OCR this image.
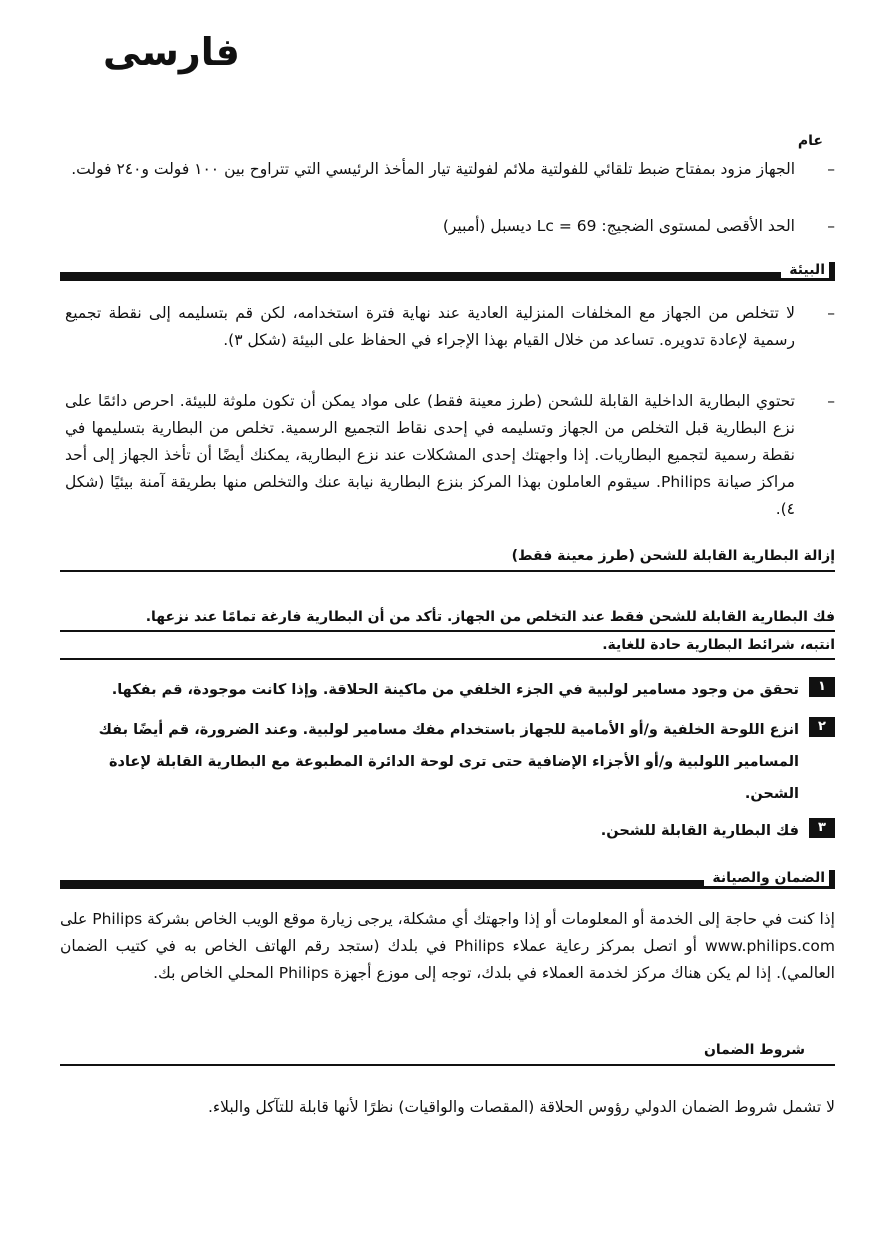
فارسی
عام
–
الجهاز مزود بمفتاح ضبط تلقائي للفولتية ملائم لفولتية تيار المأخذ الرئيسي التي تتراوح بين ١٠٠ فولت و٢٤٠ فولت.
–
الحد الأقصى لمستوى الضجيج: Lc = 69 ديسبل (أمبير)
البيئة
–
لا تتخلص من الجهاز مع المخلفات المنزلية العادية عند نهاية فترة استخدامه، لكن قم بتسليمه إلى نقطة تجميع رسمية لإعادة تدويره. تساعد من خلال القيام بهذا الإجراء في الحفاظ على البيئة (شكل ٣).
–
تحتوي البطارية الداخلية القابلة للشحن (طرز معينة فقط) على مواد يمكن أن تكون ملوثة للبيئة. احرص دائمًا على نزع البطارية قبل التخلص من الجهاز وتسليمه في إحدى نقاط التجميع الرسمية. تخلص من البطارية بتسليمها في نقطة رسمية لتجميع البطاريات. إذا واجهتك إحدى المشكلات عند نزع البطارية، يمكنك أيضًا أن تأخذ الجهاز إلى أحد مراكز صيانة Philips. سيقوم العاملون بهذا المركز بنزع البطارية نيابة عنك والتخلص منها بطريقة آمنة بيئيًا (شكل ٤).
إزالة البطارية القابلة للشحن (طرز معينة فقط)
فك البطارية القابلة للشحن فقط عند التخلص من الجهاز. تأكد من أن البطارية فارغة تمامًا عند نزعها.
انتبه، شرائط البطارية حادة للغاية.
١
تحقق من وجود مسامير لولبية في الجزء الخلفي من ماكينة الحلاقة. وإذا كانت موجودة، قم بفكها.
٢
انزع اللوحة الخلفية و/أو الأمامية للجهاز باستخدام مفك مسامير لولبية. وعند الضرورة، قم أيضًا بفك المسامير اللولبية و/أو الأجزاء الإضافية حتى ترى لوحة الدائرة المطبوعة مع البطارية القابلة لإعادة الشحن.
٣
فك البطارية القابلة للشحن.
الضمان والصيانة
إذا كنت في حاجة إلى الخدمة أو المعلومات أو إذا واجهتك أي مشكلة، يرجى زيارة موقع الويب الخاص بشركة Philips على www.philips.com أو اتصل بمركز رعاية عملاء Philips في بلدك (ستجد رقم الهاتف الخاص به في كتيب الضمان العالمي). إذا لم يكن هناك مركز لخدمة العملاء في بلدك، توجه إلى موزع أجهزة Philips المحلي الخاص بك.
شروط الضمان
لا تشمل شروط الضمان الدولي رؤوس الحلاقة (المقصات والواقيات) نظرًا لأنها قابلة للتآكل والبلاء.
